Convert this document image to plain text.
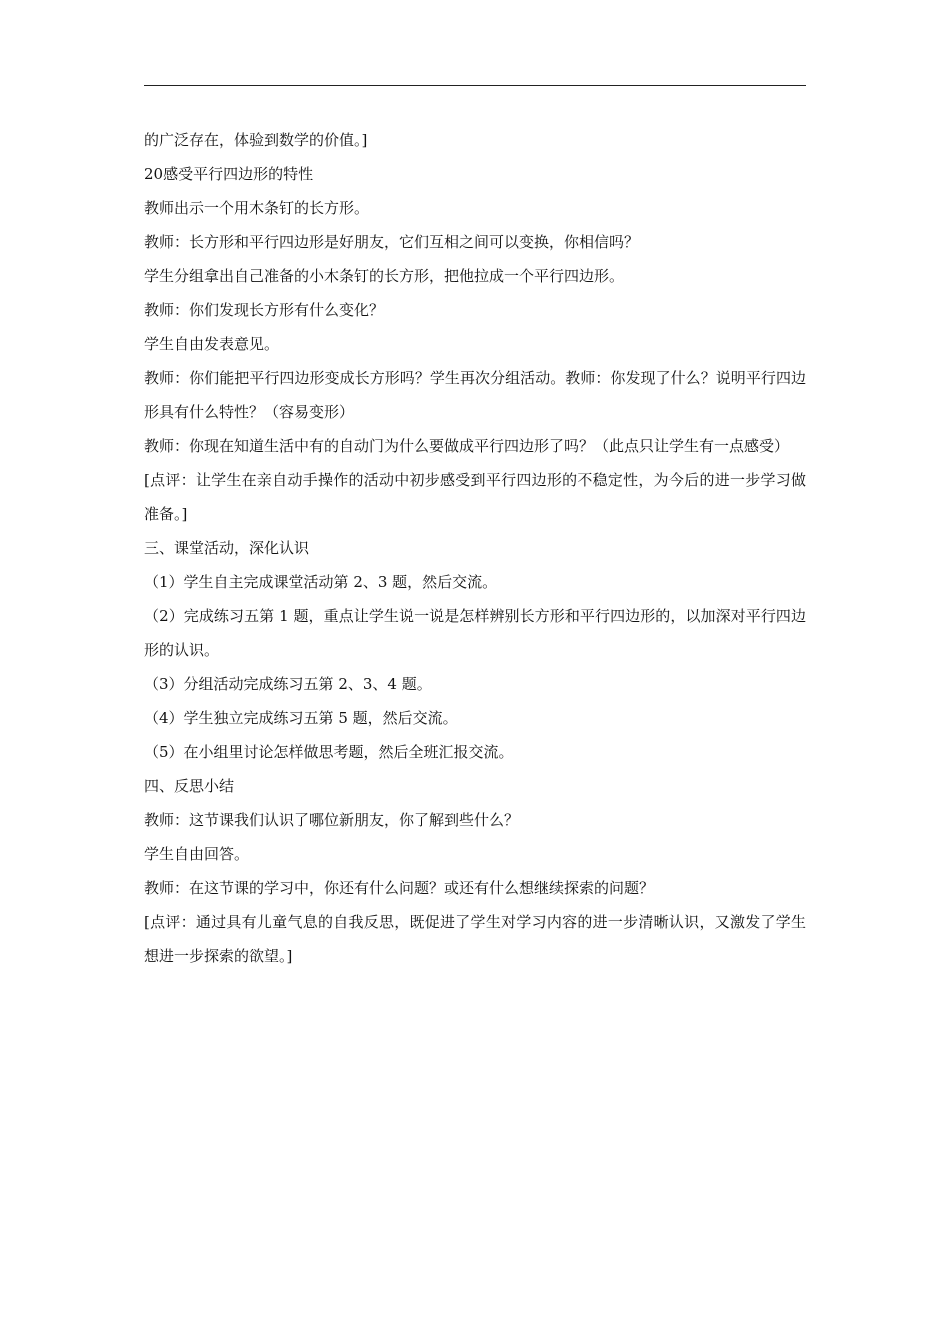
的广泛存在，体验到数学的价值。]

20感受平行四边形的特性

教师出示一个用木条钉的长方形。

教师：长方形和平行四边形是好朋友，它们互相之间可以变换，你相信吗？

学生分组拿出自己准备的小木条钉的长方形，把他拉成一个平行四边形。

教师：你们发现长方形有什么变化？

学生自由发表意见。

教师：你们能把平行四边形变成长方形吗？学生再次分组活动。教师：你发现了什么？说明平行四边形具有什么特性？（容易变形）

教师：你现在知道生活中有的自动门为什么要做成平行四边形了吗？（此点只让学生有一点感受）

[点评：让学生在亲自动手操作的活动中初步感受到平行四边形的不稳定性，为今后的进一步学习做准备。]

三、课堂活动，深化认识

（1）学生自主完成课堂活动第 2、3 题，然后交流。

（2）完成练习五第 1 题，重点让学生说一说是怎样辨别长方形和平行四边形的，以加深对平行四边形的认识。

（3）分组活动完成练习五第 2、3、4 题。

（4）学生独立完成练习五第 5 题，然后交流。

（5）在小组里讨论怎样做思考题，然后全班汇报交流。

四、反思小结

教师：这节课我们认识了哪位新朋友，你了解到些什么？

学生自由回答。

教师：在这节课的学习中，你还有什么问题？或还有什么想继续探索的问题？

[点评：通过具有儿童气息的自我反思，既促进了学生对学习内容的进一步清晰认识，又激发了学生想进一步探索的欲望。]
